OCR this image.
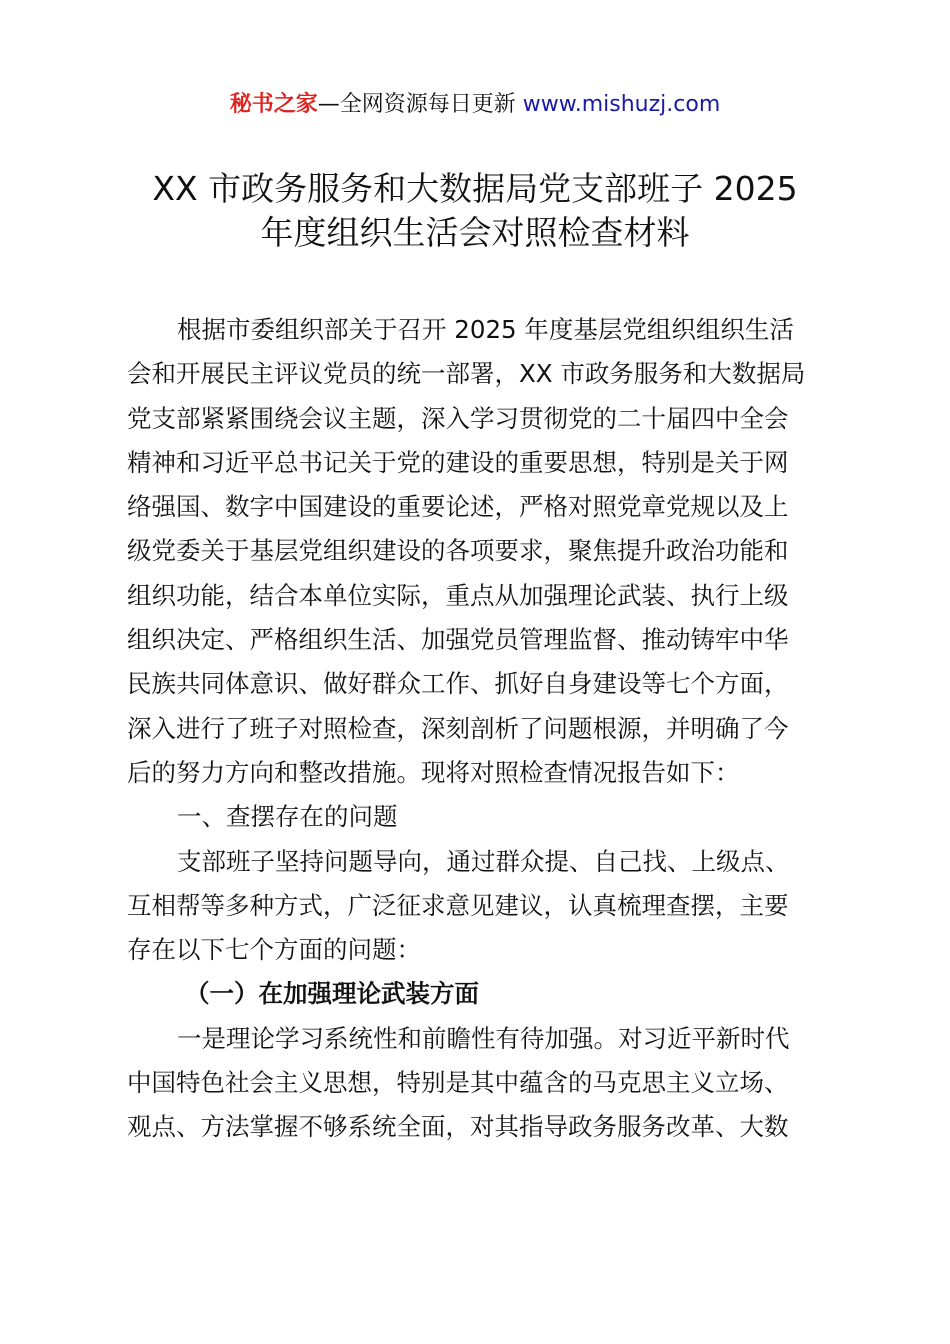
秘书之家—全网资源每日更新 www.mishuzj.com
XX 市政务服务和大数据局党支部班子 2025
年度组织生活会对照检查材料
根据市委组织部关于召开 2025 年度基层党组织组织生活
会和开展民主评议党员的统一部署，XX 市政务服务和大数据局
党支部紧紧围绕会议主题，深入学习贯彻党的二十届四中全会
精神和习近平总书记关于党的建设的重要思想，特别是关于网
络强国、数字中国建设的重要论述，严格对照党章党规以及上
级党委关于基层党组织建设的各项要求，聚焦提升政治功能和
组织功能，结合本单位实际，重点从加强理论武装、执行上级
组织决定、严格组织生活、加强党员管理监督、推动铸牢中华
民族共同体意识、做好群众工作、抓好自身建设等七个方面，
深入进行了班子对照检查，深刻剖析了问题根源，并明确了今
后的努力方向和整改措施。现将对照检查情况报告如下：
一、查摆存在的问题
支部班子坚持问题导向，通过群众提、自己找、上级点、
互相帮等多种方式，广泛征求意见建议，认真梳理查摆，主要
存在以下七个方面的问题：
（一）在加强理论武装方面
一是理论学习系统性和前瞻性有待加强。对习近平新时代
中国特色社会主义思想，特别是其中蕴含的马克思主义立场、
观点、方法掌握不够系统全面，对其指导政务服务改革、大数
